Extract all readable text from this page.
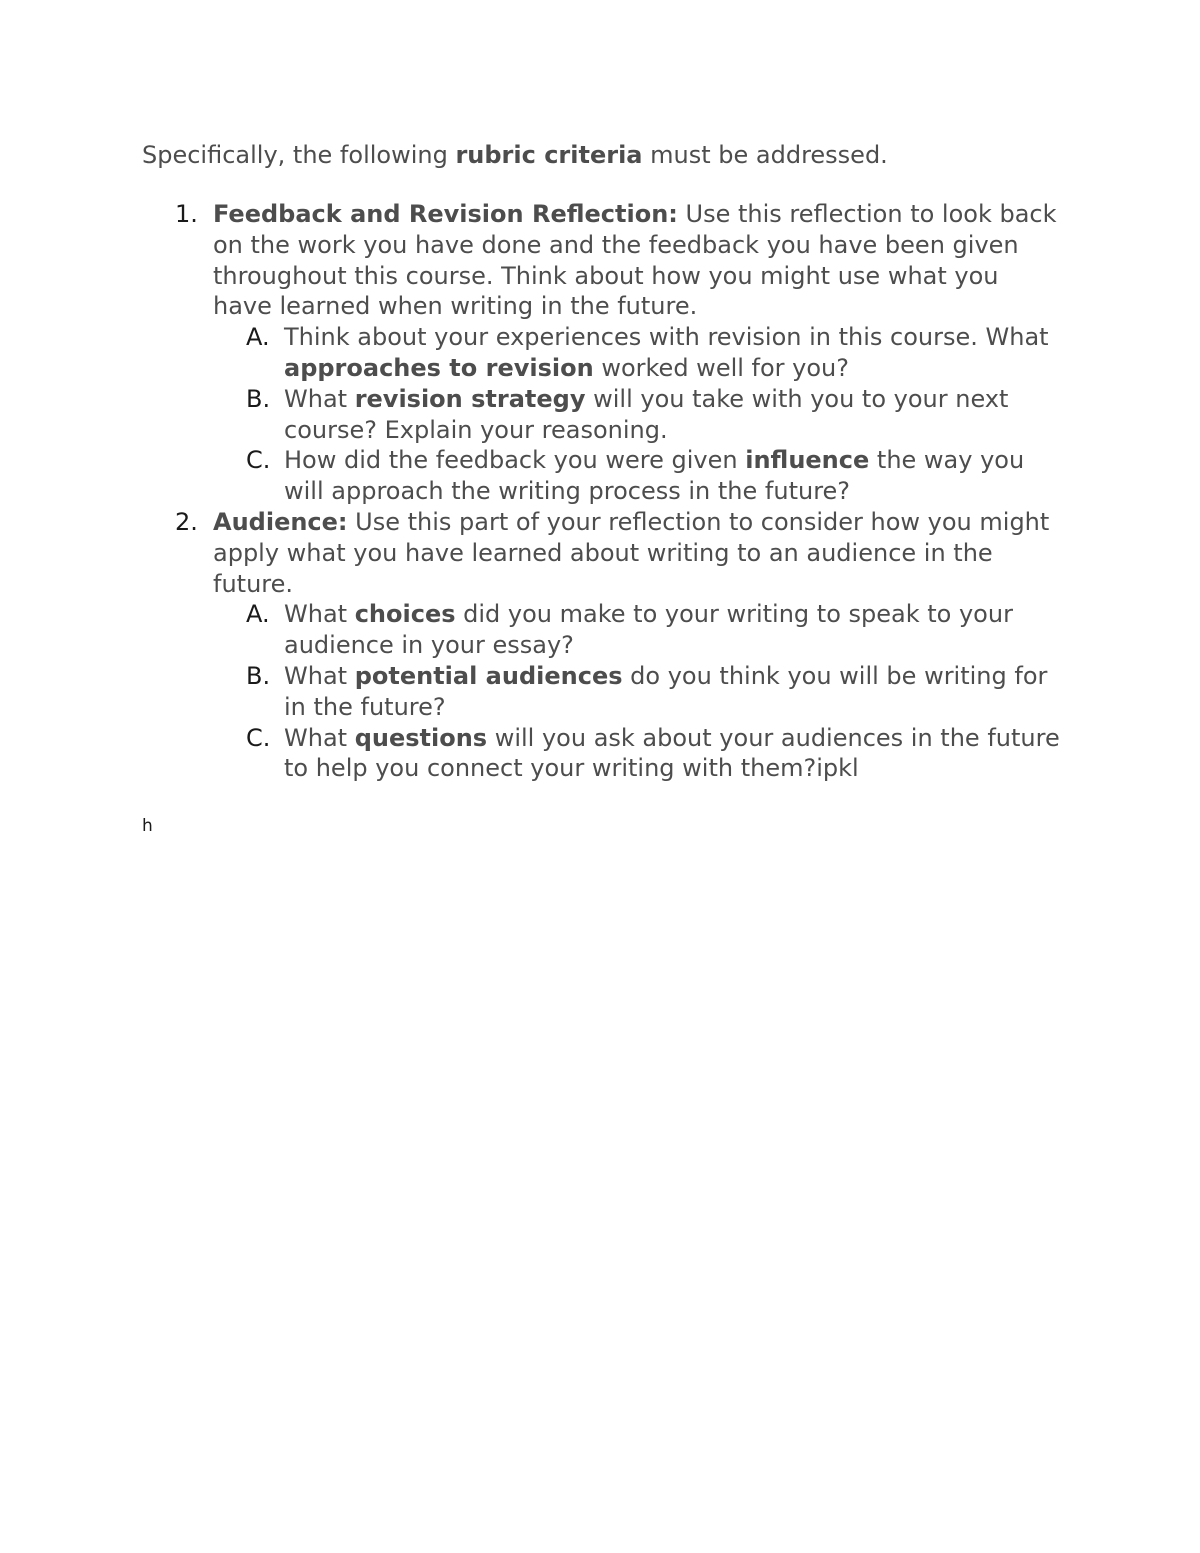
Specifically, the following rubric criteria must be addressed.
1. Feedback and Revision Reflection: Use this reflection to look back on the work you have done and the feedback you have been given throughout this course. Think about how you might use what you have learned when writing in the future.
A. Think about your experiences with revision in this course. What approaches to revision worked well for you?
B. What revision strategy will you take with you to your next course? Explain your reasoning.
C. How did the feedback you were given influence the way you will approach the writing process in the future?
2. Audience: Use this part of your reflection to consider how you might apply what you have learned about writing to an audience in the future.
A. What choices did you make to your writing to speak to your audience in your essay?
B. What potential audiences do you think you will be writing for in the future?
C. What questions will you ask about your audiences in the future to help you connect your writing with them?ipkl
h
